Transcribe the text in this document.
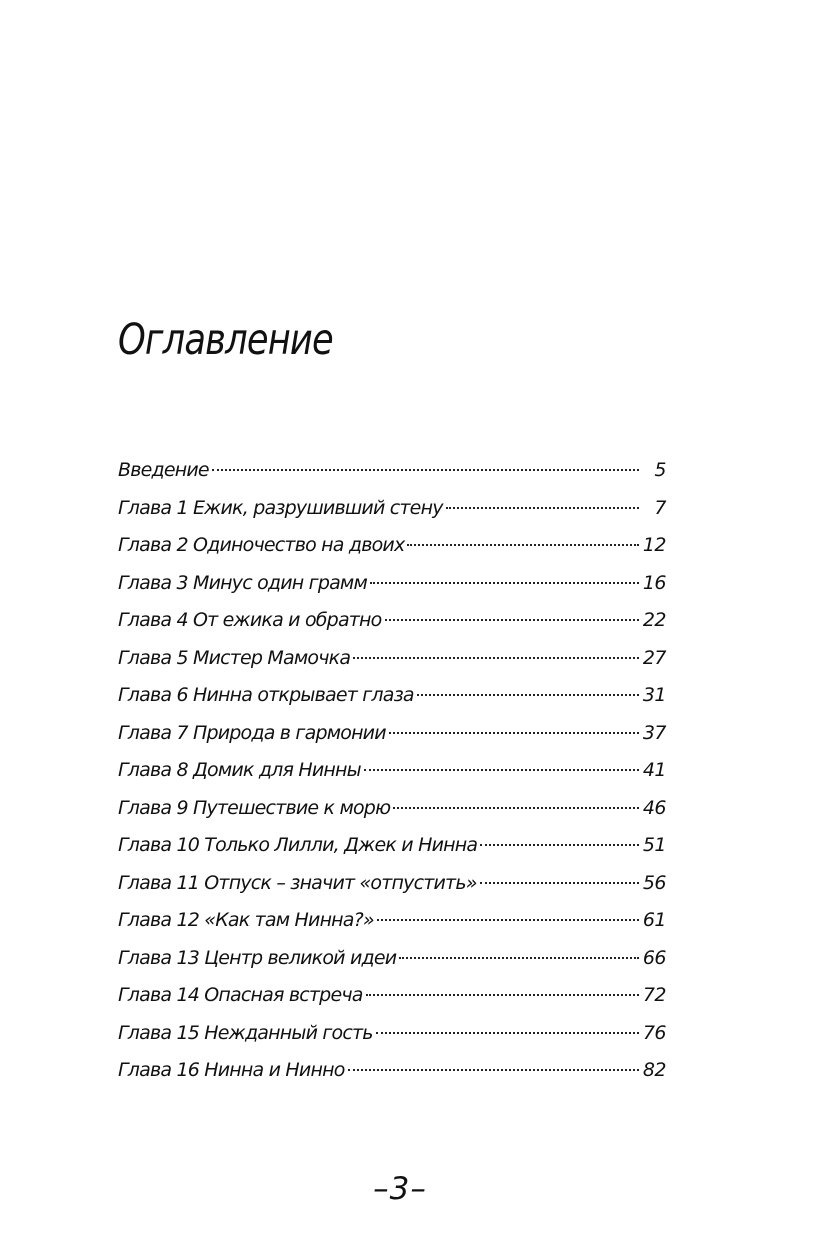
Оглавление
Введение	5
Глава 1 Ежик, разрушивший стену	7
Глава 2 Одиночество на двоих	12
Глава 3 Минус один грамм	16
Глава 4 От ежика и обратно	22
Глава 5 Мистер Мамочка	27
Глава 6 Нинна открывает глаза	31
Глава 7 Природа в гармонии	37
Глава 8 Домик для Нинны	41
Глава 9 Путешествие к морю	46
Глава 10 Только Лилли, Джек и Нинна	51
Глава 11 Отпуск – значит «отпустить»	56
Глава 12 «Как там Нинна?»	61
Глава 13 Центр великой идеи	66
Глава 14 Опасная встреча	72
Глава 15 Нежданный гость	76
Глава 16 Нинна и Нинно	82

–3–
